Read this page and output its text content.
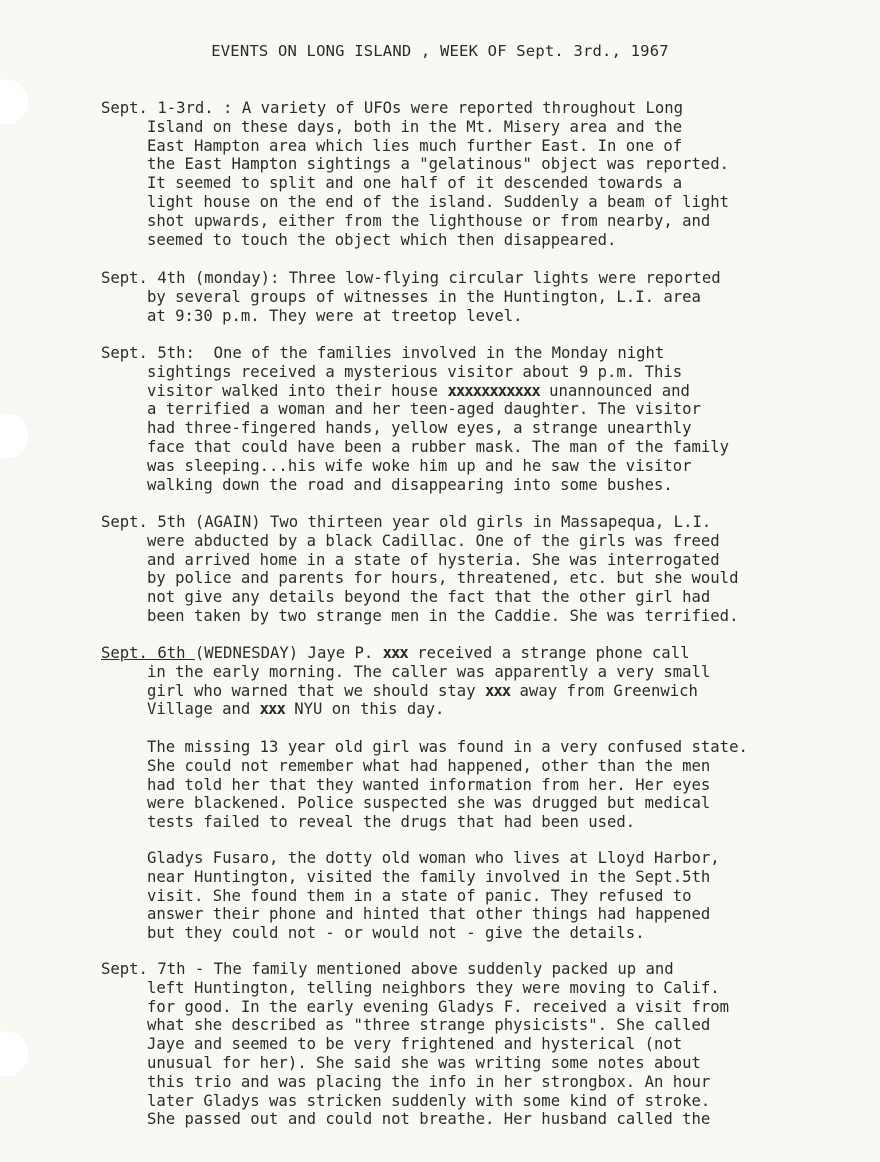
EVENTS ON LONG ISLAND , WEEK OF Sept. 3rd., 1967
Sept. 1-3rd. : A variety of UFOs were reported throughout Long
Island on these days, both in the Mt. Misery area and the
East Hampton area which lies much further East. In one of
the East Hampton sightings a "gelatinous" object was reported.
It seemed to split and one half of it descended towards a
light house on the end of the island. Suddenly a beam of light
shot upwards, either from the lighthouse or from nearby, and
seemed to touch the object which then disappeared.
Sept. 4th (monday): Three low-flying circular lights were reported
by several groups of witnesses in the Huntington, L.I. area
at 9:30 p.m. They were at treetop level.
Sept. 5th:  One of the families involved in the Monday night
sightings received a mysterious visitor about 9 p.m. This
visitor walked into their house xxxxxxxxxxx unannounced and
a terrified a woman and her teen-aged daughter. The visitor
had three-fingered hands, yellow eyes, a strange unearthly
face that could have been a rubber mask. The man of the family
was sleeping...his wife woke him up and he saw the visitor
walking down the road and disappearing into some bushes.
Sept. 5th (AGAIN) Two thirteen year old girls in Massapequa, L.I.
were abducted by a black Cadillac. One of the girls was freed
and arrived home in a state of hysteria. She was interrogated
by police and parents for hours, threatened, etc. but she would
not give any details beyond the fact that the other girl had
been taken by two strange men in the Caddie. She was terrified.
Sept. 6th (WEDNESDAY) Jaye P. xxx received a strange phone call
in the early morning. The caller was apparently a very small
girl who warned that we should stay xxx away from Greenwich
Village and xxx NYU on this day.
The missing 13 year old girl was found in a very confused state.
She could not remember what had happened, other than the men
had told her that they wanted information from her. Her eyes
were blackened. Police suspected she was drugged but medical
tests failed to reveal the drugs that had been used.
Gladys Fusaro, the dotty old woman who lives at Lloyd Harbor,
near Huntington, visited the family involved in the Sept.5th
visit. She found them in a state of panic. They refused to
answer their phone and hinted that other things had happened
but they could not - or would not - give the details.
Sept. 7th - The family mentioned above suddenly packed up and
left Huntington, telling neighbors they were moving to Calif.
for good. In the early evening Gladys F. received a visit from
what she described as "three strange physicists". She called
Jaye and seemed to be very frightened and hysterical (not
unusual for her). She said she was writing some notes about
this trio and was placing the info in her strongbox. An hour
later Gladys was stricken suddenly with some kind of stroke.
She passed out and could not breathe. Her husband called the
